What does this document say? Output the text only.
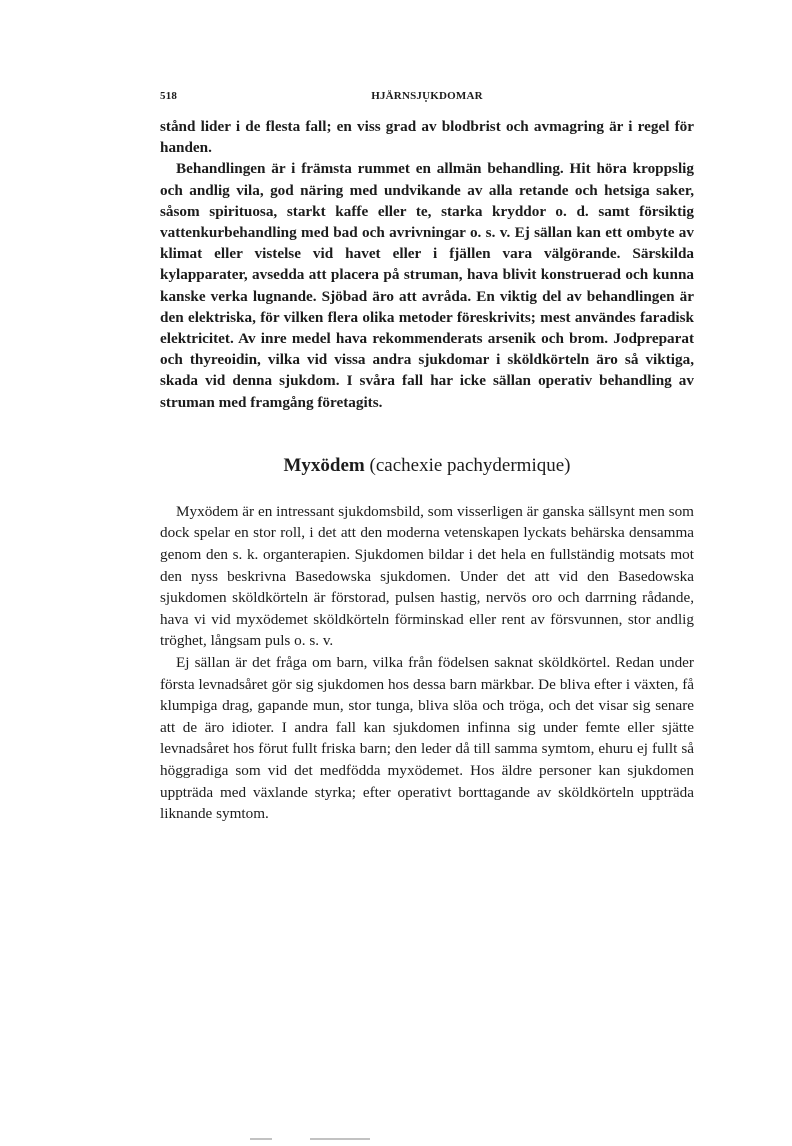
518	HJÄRNSJUKDOMAR

stånd lider i de flesta fall; en viss grad av blodbrist och avmagring är i regel för handen.

Behandlingen är i främsta rummet en allmän behandling. Hit höra kroppslig och andlig vila, god näring med undvikande av alla retande och hetsiga saker, såsom spirituosa, starkt kaffe eller te, starka kryddor o. d. samt försiktig vattenkurbehandling med bad och avrivningar o. s. v. Ej sällan kan ett ombyte av klimat eller vistelse vid havet eller i fjällen vara välgörande. Särskilda kylapparater, avsedda att placera på struman, hava blivit konstruerad och kunna kanske verka lugnande. Sjöbad äro att avråda. En viktig del av behandlingen är den elektriska, för vilken flera olika metoder föreskrivits; mest användes faradisk elektricitet. Av inre medel hava rekommenderats arsenik och brom. Jodpreparat och thyreoidin, vilka vid vissa andra sjukdomar i sköldkörteln äro så viktiga, skada vid denna sjukdom. I svåra fall har icke sällan operativ behandling av struman med framgång företagits.

Myxödem (cachexie pachydermique)

Myxödem är en intressant sjukdomsbild, som visserligen är ganska sällsynt men som dock spelar en stor roll, i det att den moderna vetenskapen lyckats behärska densamma genom den s. k. organterapien. Sjukdomen bildar i det hela en fullständig motsats mot den nyss beskrivna Basedowska sjukdomen. Under det att vid den Basedowska sjukdomen sköldkörteln är förstorad, pulsen hastig, nervös oro och darrning rådande, hava vi vid myxödemet sköldkörteln förminskad eller rent av försvunnen, stor andlig tröghet, långsam puls o. s. v.

Ej sällan är det fråga om barn, vilka från födelsen saknat sköldkörtel. Redan under första levnadsåret gör sig sjukdomen hos dessa barn märkbar. De bliva efter i växten, få klumpiga drag, gapande mun, stor tunga, bliva slöa och tröga, och det visar sig senare att de äro idioter. I andra fall kan sjukdomen infinna sig under femte eller sjätte levnadsåret hos förut fullt friska barn; den leder då till samma symtom, ehuru ej fullt så höggradiga som vid det medfödda myxödemet. Hos äldre personer kan sjukdomen uppträda med växlande styrka; efter operativt borttagande av sköldkörteln uppträda liknande symtom.
